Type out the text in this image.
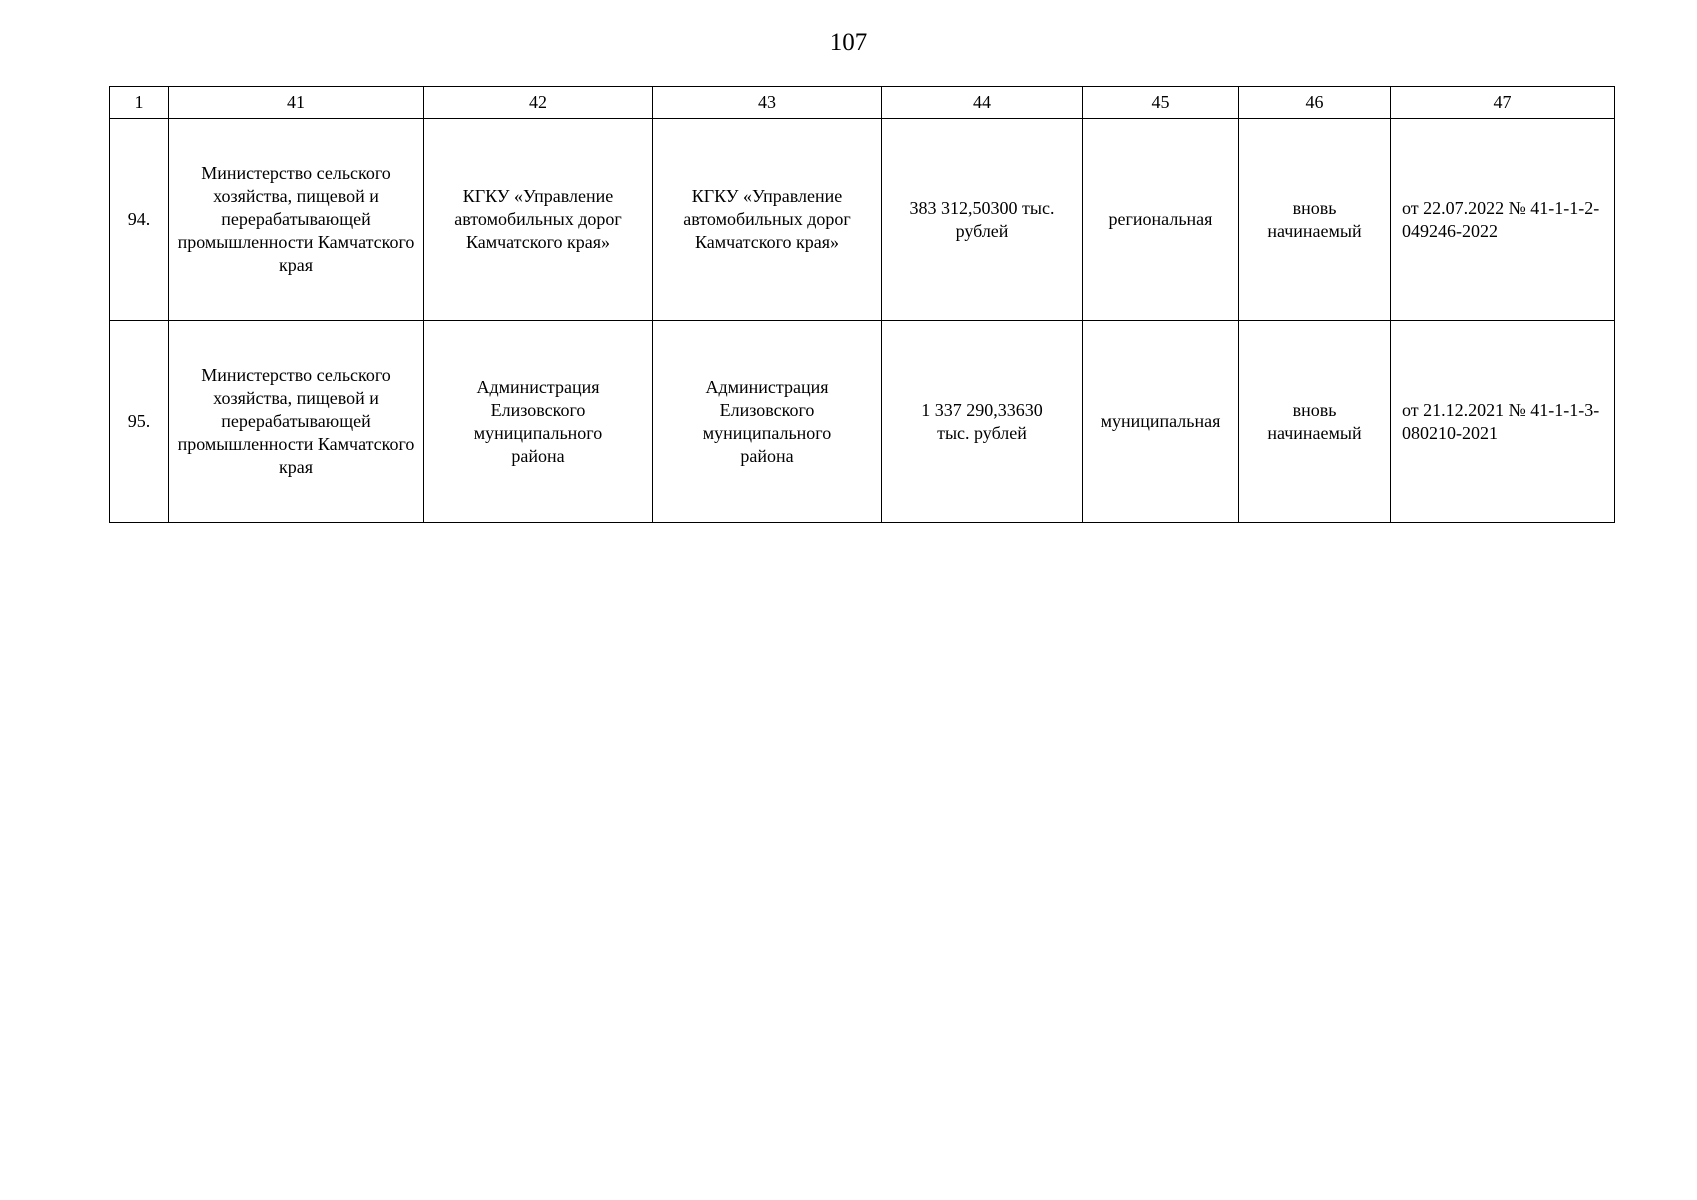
107
1	41	42	43	44	45	46	47
94.	Министерство сельского хозяйства, пищевой и перерабатывающей промышленности Камчатского края	КГКУ «Управление автомобильных дорог Камчатского края»	КГКУ «Управление автомобильных дорог Камчатского края»	383 312,50300 тыс. рублей	региональная	вновь начинаемый	от 22.07.2022 № 41-1-1-2-049246-2022
95.	Министерство сельского хозяйства, пищевой и перерабатывающей промышленности Камчатского края	Администрация Елизовского муниципального района	Администрация Елизовского муниципального района	1 337 290,33630 тыс. рублей	муниципальная	вновь начинаемый	от 21.12.2021 № 41-1-1-3-080210-2021
